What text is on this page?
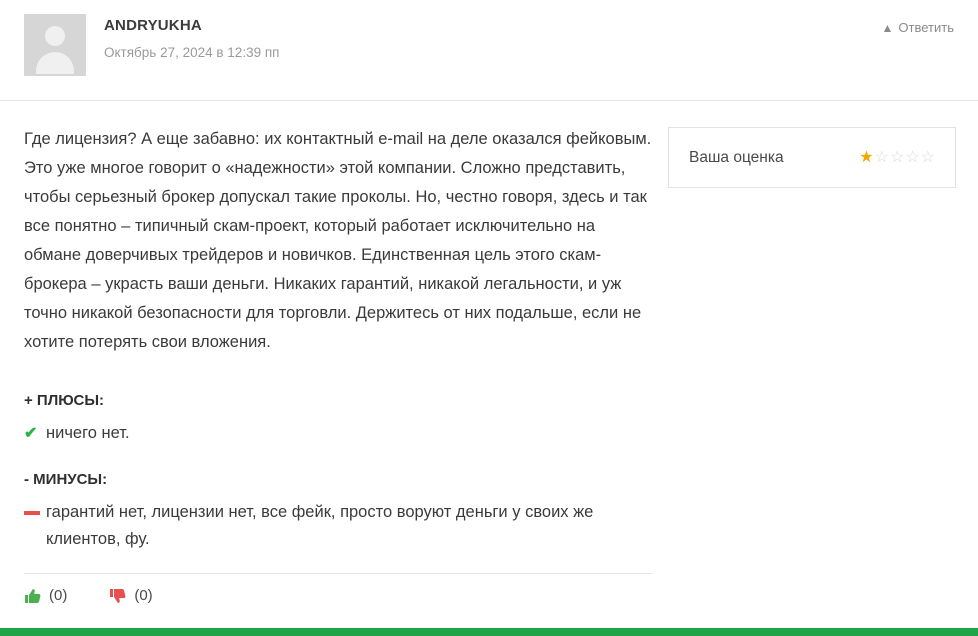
ANDRYUKHA
Октябрь 27, 2024 в 12:39 пп
▲ Ответить
Где лицензия? А еще забавно: их контактный e-mail на деле оказался фейковым. Это уже многое говорит о «надежности» этой компании. Сложно представить, чтобы серьезный брокер допускал такие проколы. Но, честно говоря, здесь и так все понятно – типичный скам-проект, который работает исключительно на обмане доверчивых трейдеров и новичков. Единственная цель этого скам-брокера – украсть ваши деньги. Никаких гарантий, никакой легальности, и уж точно никакой безопасности для торговли. Держитесь от них подальше, если не хотите потерять свои вложения.
+ ПЛЮСЫ:
✔ ничего нет.
- МИНУСЫ:
гарантий нет, лицензии нет, все фейк, просто воруют деньги у своих же клиентов, фу.
(0)	(0)
Ваша оценка	★ ☆ ☆ ☆ ☆
